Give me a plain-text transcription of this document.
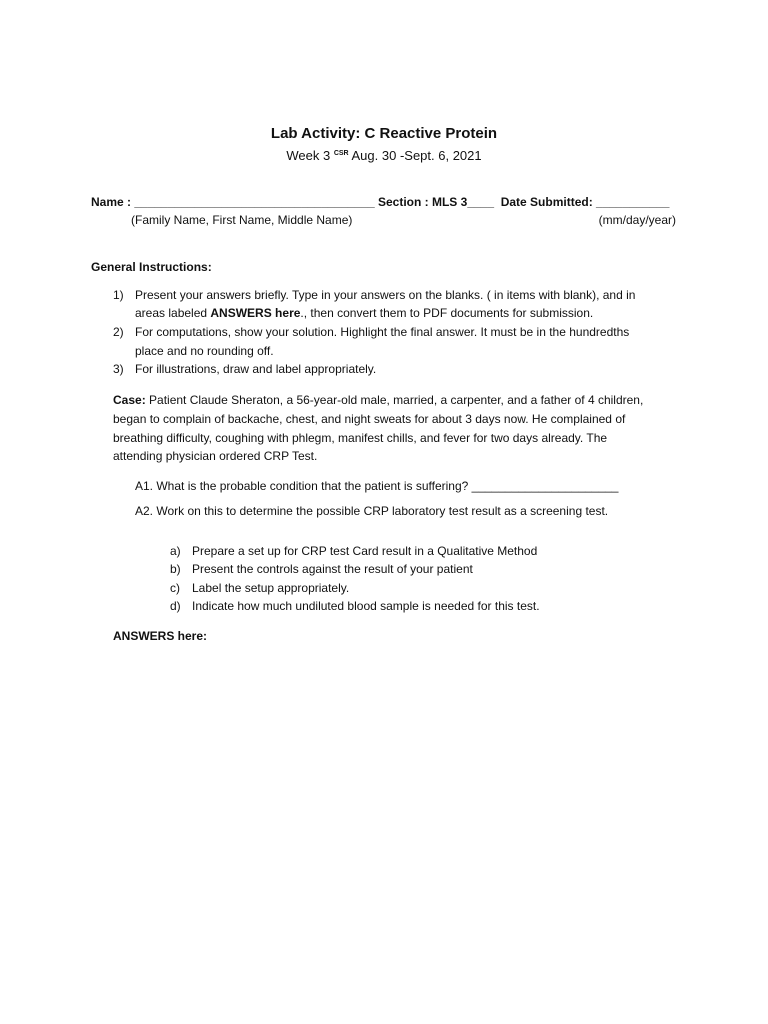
Lab Activity: C Reactive Protein
Week 3 $^{CSR}$ Aug. 30 -Sept. 6, 2021
Name : ____________________________________ Section : MLS 3____ Date Submitted: ___________
(Family Name, First Name, Middle Name)	(mm/day/year)
General Instructions:
1) Present your answers briefly. Type in your answers on the blanks. ( in items with blank), and in
areas labeled ANSWERS here., then convert them to PDF documents for submission.
2) For computations, show your solution. Highlight the final answer. It must be in the hundredths
place and no rounding off.
3) For illustrations, draw and label appropriately.
Case: Patient Claude Sheraton, a 56-year-old male, married, a carpenter, and a father of 4 children,
began to complain of backache, chest, and night sweats for about 3 days now. He complained of
breathing difficulty, coughing with phlegm, manifest chills, and fever for two days already. The
attending physician ordered CRP Test.
A1. What is the probable condition that the patient is suffering? ______________________
A2. Work on this to determine the possible CRP laboratory test result as a screening test.
a) Prepare a set up for CRP test Card result in a Qualitative Method
b) Present the controls against the result of your patient
c) Label the setup appropriately.
d) Indicate how much undiluted blood sample is needed for this test.
ANSWERS here:
